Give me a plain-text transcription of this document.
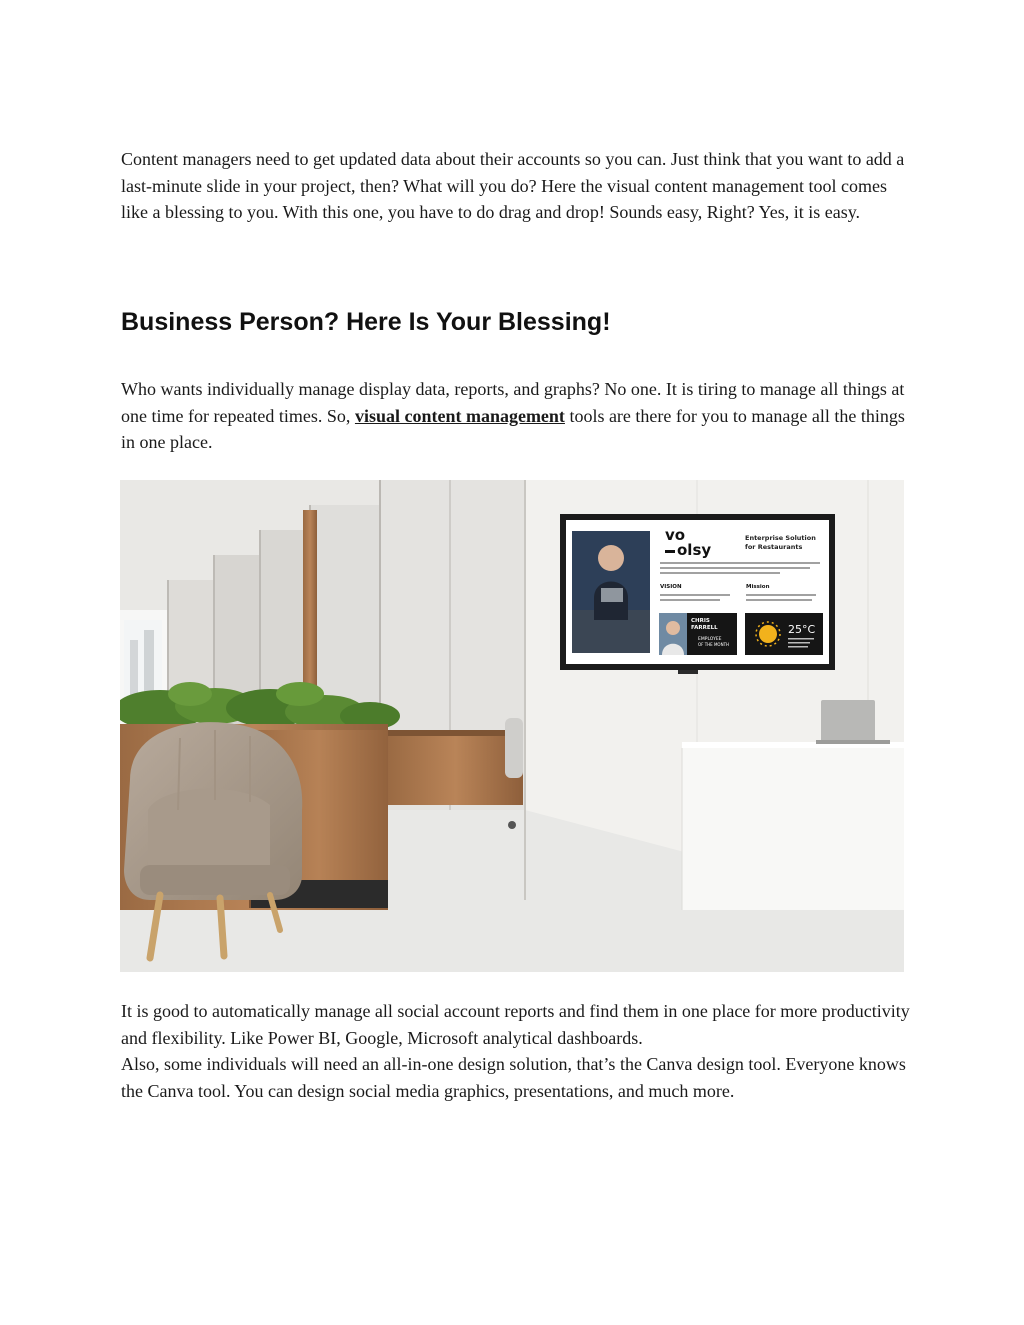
Content managers need to get updated data about their accounts so you can. Just think that you want to add a last-minute slide in your project, then? What will you do? Here the visual content management tool comes like a blessing to you. With this one, you have to do drag and drop! Sounds easy, Right? Yes, it is easy.

Business Person? Here Is Your Blessing!

Who wants individually manage display data, reports, and graphs? No one. It is tiring to manage all things at one time for repeated times. So, visual content management tools are there for you to manage all the things in one place.

vo
olsy
Enterprise Solution
for Restaurants
VISION	Mission
CHRIS
FARRELL
EMPLOYEE
OF THE MONTH
25°C
It is good to automatically manage all social account reports and find them in one place for more productivity and flexibility. Like Power BI, Google, Microsoft analytical dashboards.
Also, some individuals will need an all-in-one design solution, that’s the Canva design tool. Everyone knows the Canva tool. You can design social media graphics, presentations, and much more.
